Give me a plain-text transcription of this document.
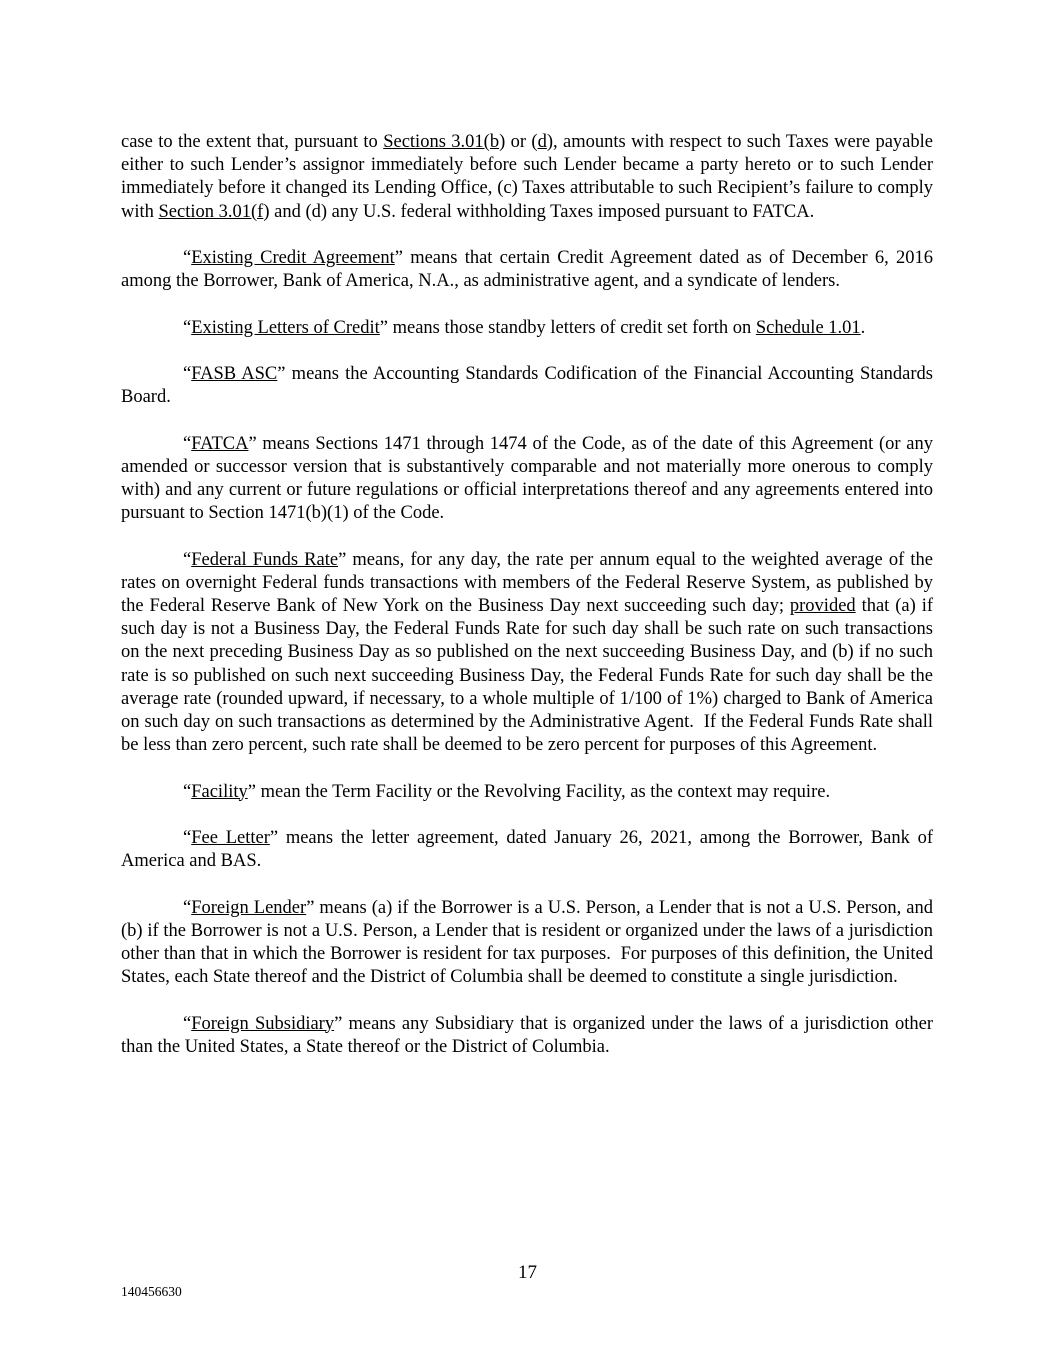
case to the extent that, pursuant to Sections 3.01(b) or (d), amounts with respect to such Taxes were payable either to such Lender’s assignor immediately before such Lender became a party hereto or to such Lender immediately before it changed its Lending Office, (c) Taxes attributable to such Recipient’s failure to comply with Section 3.01(f) and (d) any U.S. federal withholding Taxes imposed pursuant to FATCA.

“Existing Credit Agreement” means that certain Credit Agreement dated as of December 6, 2016 among the Borrower, Bank of America, N.A., as administrative agent, and a syndicate of lenders.

“Existing Letters of Credit” means those standby letters of credit set forth on Schedule 1.01.

“FASB ASC” means the Accounting Standards Codification of the Financial Accounting Standards Board.

“FATCA” means Sections 1471 through 1474 of the Code, as of the date of this Agreement (or any amended or successor version that is substantively comparable and not materially more onerous to comply with) and any current or future regulations or official interpretations thereof and any agreements entered into pursuant to Section 1471(b)(1) of the Code.

“Federal Funds Rate” means, for any day, the rate per annum equal to the weighted average of the rates on overnight Federal funds transactions with members of the Federal Reserve System, as published by the Federal Reserve Bank of New York on the Business Day next succeeding such day; provided that (a) if such day is not a Business Day, the Federal Funds Rate for such day shall be such rate on such transactions on the next preceding Business Day as so published on the next succeeding Business Day, and (b) if no such rate is so published on such next succeeding Business Day, the Federal Funds Rate for such day shall be the average rate (rounded upward, if necessary, to a whole multiple of 1/100 of 1%) charged to Bank of America on such day on such transactions as determined by the Administrative Agent.  If the Federal Funds Rate shall be less than zero percent, such rate shall be deemed to be zero percent for purposes of this Agreement.

“Facility” mean the Term Facility or the Revolving Facility, as the context may require.

“Fee Letter” means the letter agreement, dated January 26, 2021, among the Borrower, Bank of America and BAS.

“Foreign Lender” means (a) if the Borrower is a U.S. Person, a Lender that is not a U.S. Person, and (b) if the Borrower is not a U.S. Person, a Lender that is resident or organized under the laws of a jurisdiction other than that in which the Borrower is resident for tax purposes.  For purposes of this definition, the United States, each State thereof and the District of Columbia shall be deemed to constitute a single jurisdiction.

“Foreign Subsidiary” means any Subsidiary that is organized under the laws of a jurisdiction other than the United States, a State thereof or the District of Columbia.

17
140456630
